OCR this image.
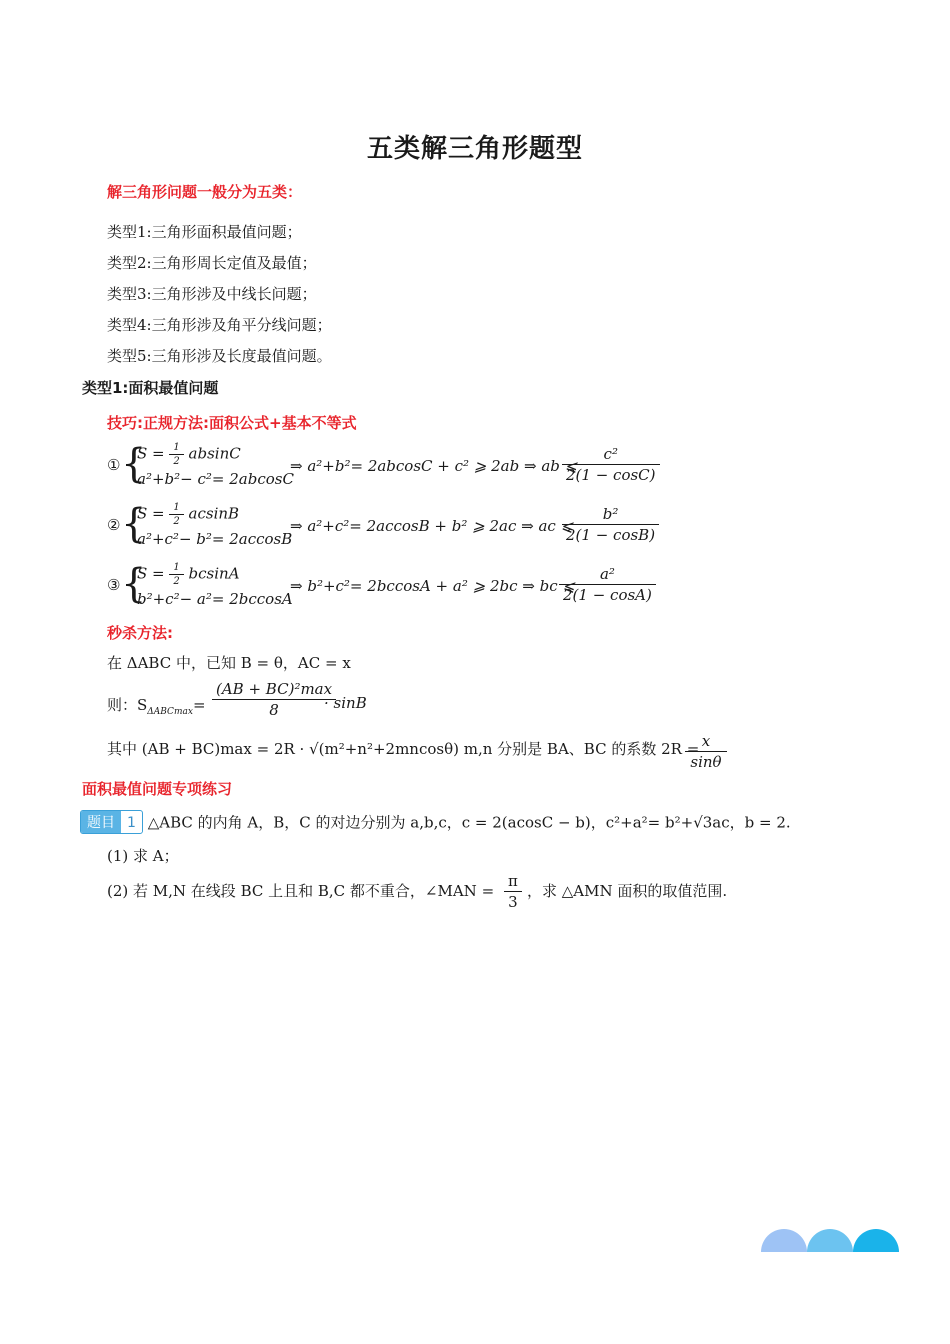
五类解三角形题型
解三角形问题一般分为五类：
类型1:三角形面积最值问题；
类型2:三角形周长定值及最值；
类型3:三角形涉及中线长问题；
类型4:三角形涉及角平分线问题；
类型5:三角形涉及长度最值问题。
类型1:面积最值问题
技巧:正规方法:面积公式+基本不等式
① {
$S = \frac{1}{2}$ absinC
a²+b²− c²= 2abcosC
⇒ a²+b²= 2abcosC + c² ⩾ 2ab ⇒ ab ⩽
$\frac{\text{c²}}{2(1 - \cos C)}$
② {
$S = \frac{1}{2}$ acsinB
a²+c²− b²= 2accosB
⇒ a²+c²= 2accosB + b² ⩾ 2ac ⇒ ac ⩽
$\frac{\text{b²}}{2(1 - \cos B)}$
③ {
$S = \frac{1}{2}$ bcsinA
b²+c²− a²= 2bccosA
⇒ b²+c²= 2bccosA + a² ⩾ 2bc ⇒ bc ⩽
$\frac{\text{a²}}{2(1 - \cos A)}$
秒杀方法:
在 ΔABC 中，已知 B = θ，AC = x
则：$S_{\Delta ABCmax}=$
(AB + BC)²max
8	· sinB
其中 (AB + BC)max = 2R · √(m²+n²+2mncosθ) m,n 分别是 BA、BC 的系数 2R =
$\frac{x}{\sin\theta}$
面积最值问题专项练习
题目 1 △ABC 的内角 A，B，C 的对边分别为 a,b,c，c = 2(acosC − b)，c²+a²= b²+√3ac，b = 2.
(1) 求 A；
(2) 若 M,N 在线段 BC 上且和 B,C 都不重合，∠MAN = $\frac{\pi}{3}$ ，求 △AMN 面积的取值范围.
